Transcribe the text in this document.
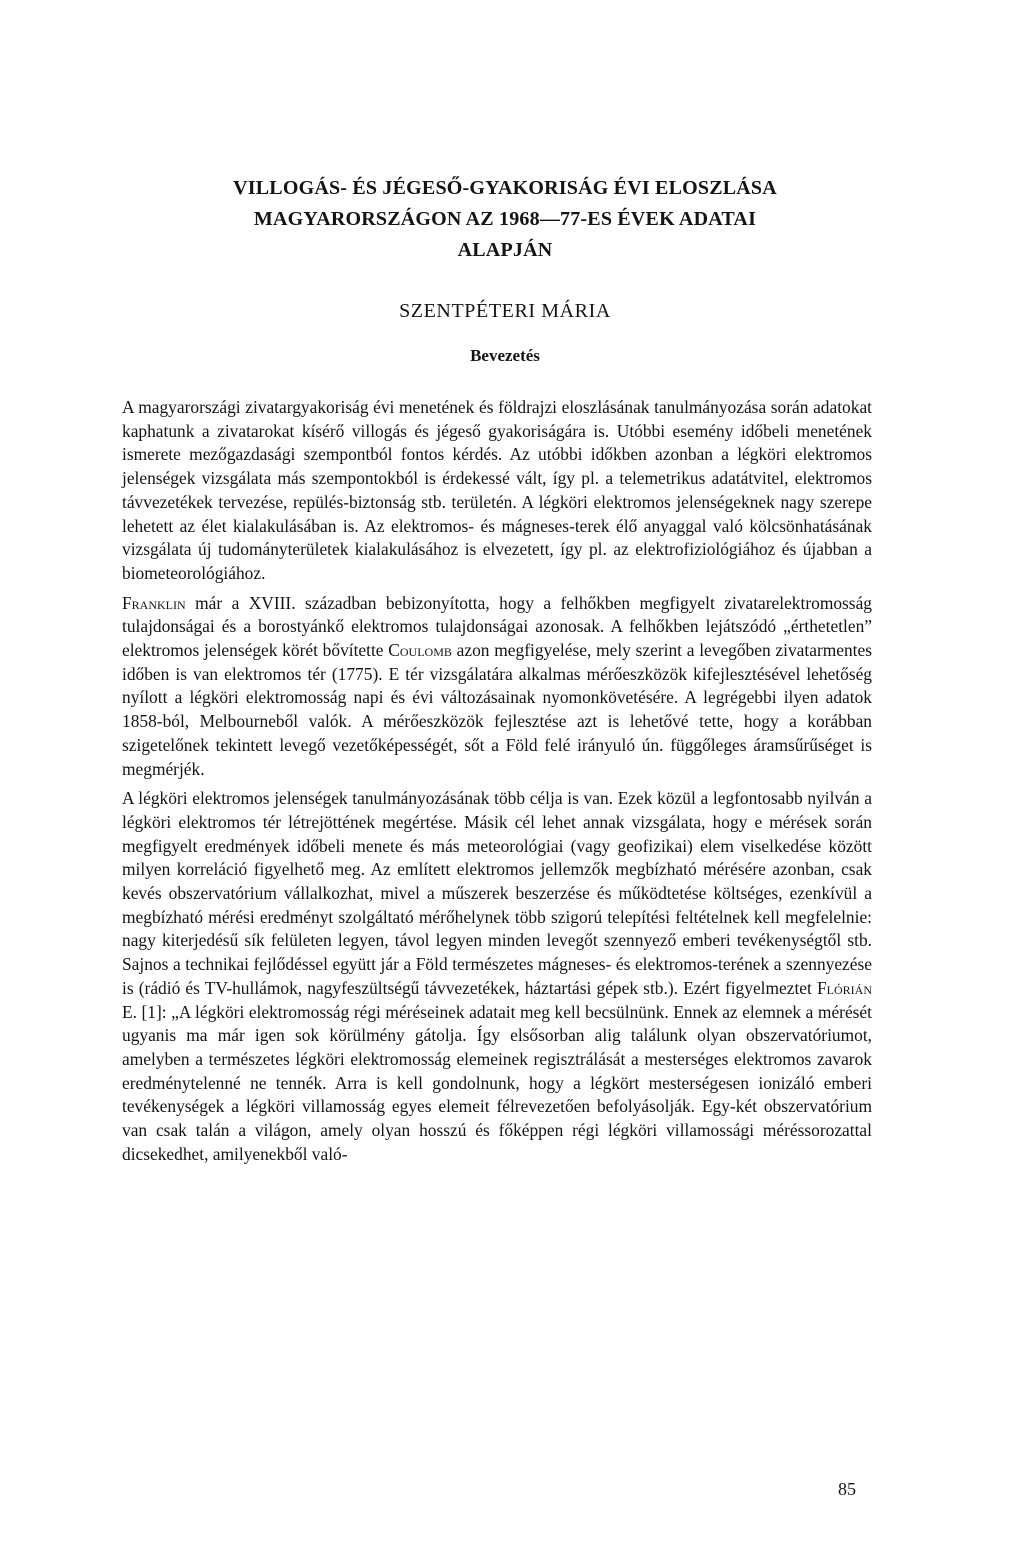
VILLOGÁS- ÉS JÉGESŐ-GYAKORISÁG ÉVI ELOSZLÁSA
MAGYARORSZÁGON AZ 1968—77-ES ÉVEK ADATAI
ALAPJÁN
SZENTPÉTERI MÁRIA
Bevezetés

A magyarországi zivatargyakoriság évi menetének és földrajzi eloszlásának tanulmányozása során adatokat kaphatunk a zivatarokat kísérő villogás és jégeső gyakoriságára is. Utóbbi esemény időbeli menetének ismerete mezőgazdasági szempontból fontos kérdés. Az utóbbi időkben azonban a légköri elektromos jelenségek vizsgálata más szempontokból is érdekessé vált, így pl. a telemetrikus adatátvitel, elektromos távvezetékek tervezése, repülés-biztonság stb. területén. A légköri elektromos jelenségeknek nagy szerepe lehetett az élet kialakulásában is. Az elektromos- és mágneses-terek élő anyaggal való kölcsönhatásának vizsgálata új tudományterületek kialakulásához is elvezetett, így pl. az elektrofiziológiához és újabban a biometeorológiához.

Franklin már a XVIII. században bebizonyította, hogy a felhőkben megfigyelt zivatarelektromosság tulajdonságai és a borostyánkő elektromos tulajdonságai azonosak. A felhőkben lejátszódó „érthetetlen” elektromos jelenségek körét bővítette Coulomb azon megfigyelése, mely szerint a levegőben zivatarmentes időben is van elektromos tér (1775). E tér vizsgálatára alkalmas mérőeszközök kifejlesztésével lehetőség nyílott a légköri elektromosság napi és évi változásainak nyomonkövetésére. A legrégebbi ilyen adatok 1858-ból, Melbourneből valók. A mérőeszközök fejlesztése azt is lehetővé tette, hogy a korábban szigetelőnek tekintett levegő vezetőképességét, sőt a Föld felé irányuló ún. függőleges áramsűrűséget is megmérjék.

A légköri elektromos jelenségek tanulmányozásának több célja is van. Ezek közül a legfontosabb nyilván a légköri elektromos tér létrejöttének megértése. Másik cél lehet annak vizsgálata, hogy e mérések során megfigyelt eredmények időbeli menete és más meteorológiai (vagy geofizikai) elem viselkedése között milyen korreláció figyelhető meg. Az említett elektromos jellemzők megbízható mérésére azonban, csak kevés obszervatórium vállalkozhat, mivel a műszerek beszerzése és működtetése költséges, ezenkívül a megbízható mérési eredményt szolgáltató mérőhelynek több szigorú telepítési feltételnek kell megfelelnie: nagy kiterjedésű sík felületen legyen, távol legyen minden levegőt szennyező emberi tevékenységtől stb. Sajnos a technikai fejlődéssel együtt jár a Föld természetes mágneses- és elektromos-terének a szennyezése is (rádió és TV-hullámok, nagyfeszültségű távvezetékek, háztartási gépek stb.). Ezért figyelmeztet Flórián E. [1]: „A légköri elektromosság régi méréseinek adatait meg kell becsülnünk. Ennek az elemnek a mérését ugyanis ma már igen sok körülmény gátolja. Így elsősorban alig találunk olyan obszervatóriumot, amelyben a természetes légköri elektromosság elemeinek regisztrálását a mesterséges elektromos zavarok eredménytelenné ne tennék. Arra is kell gondolnunk, hogy a légkört mesterségesen ionizáló emberi tevékenységek a légköri villamosság egyes elemeit félrevezetően befolyásolják. Egy-két obszervatórium van csak talán a világon, amely olyan hosszú és főképpen régi légköri villamossági méréssorozattal dicsekedhet, amilyenekből való-

85
